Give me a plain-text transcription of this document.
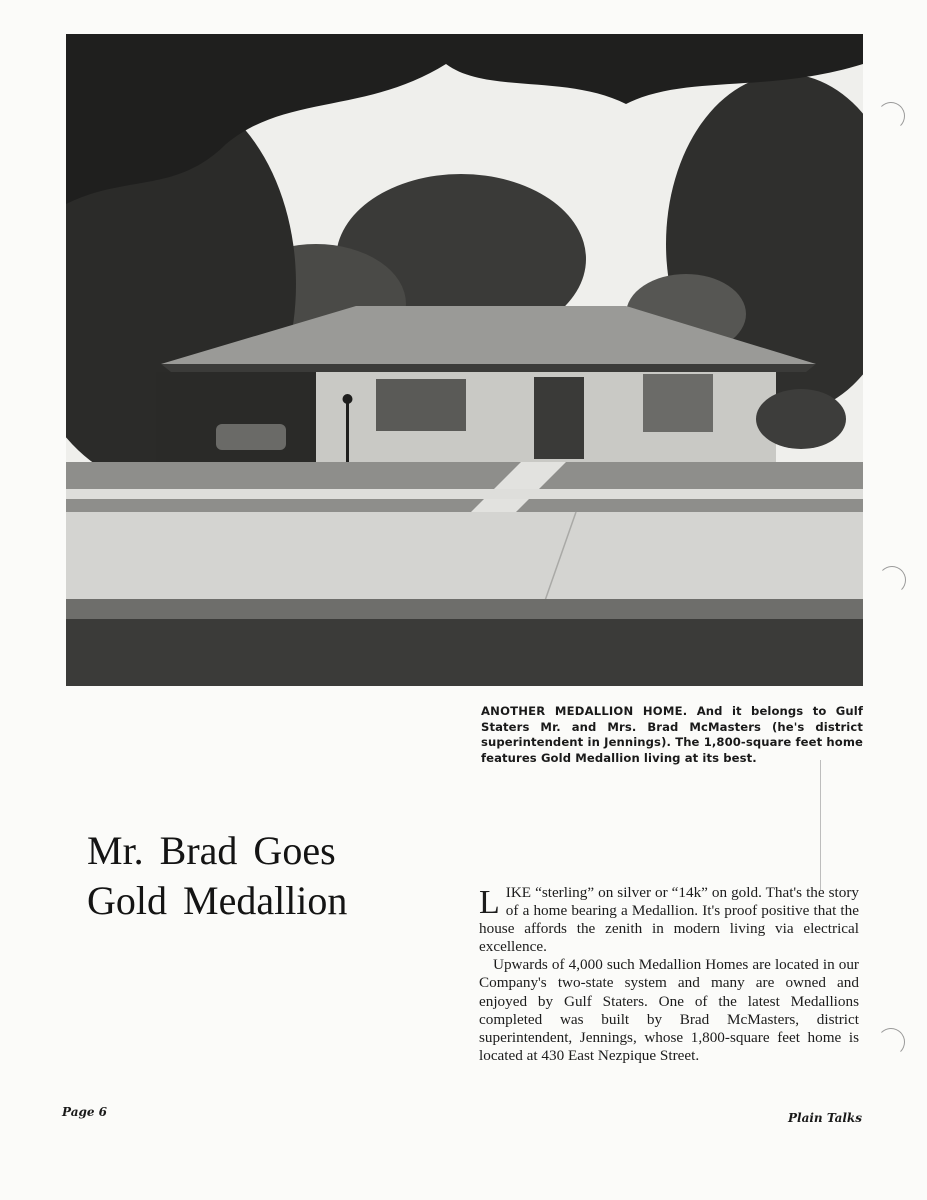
ANOTHER MEDALLION HOME. And it belongs to Gulf Staters Mr. and Mrs. Brad McMasters (he's district superintendent in Jennings). The 1,800-square feet home features Gold Medallion living at its best.
Mr. Brad Goes
Gold Medallion	LIKE “sterling” on silver or “14k” on gold. That's the story of a home bearing a Medallion. It's proof positive that the house affords the zenith in modern living via electrical excellence.

Upwards of 4,000 such Medallion Homes are located in our Company's two-state system and many are owned and enjoyed by Gulf Staters. One of the latest Medallions completed was built by Brad McMasters, district superintendent, Jennings, whose 1,800-square feet home is located at 430 East Nezpique Street.

Page 6	Plain Talks
